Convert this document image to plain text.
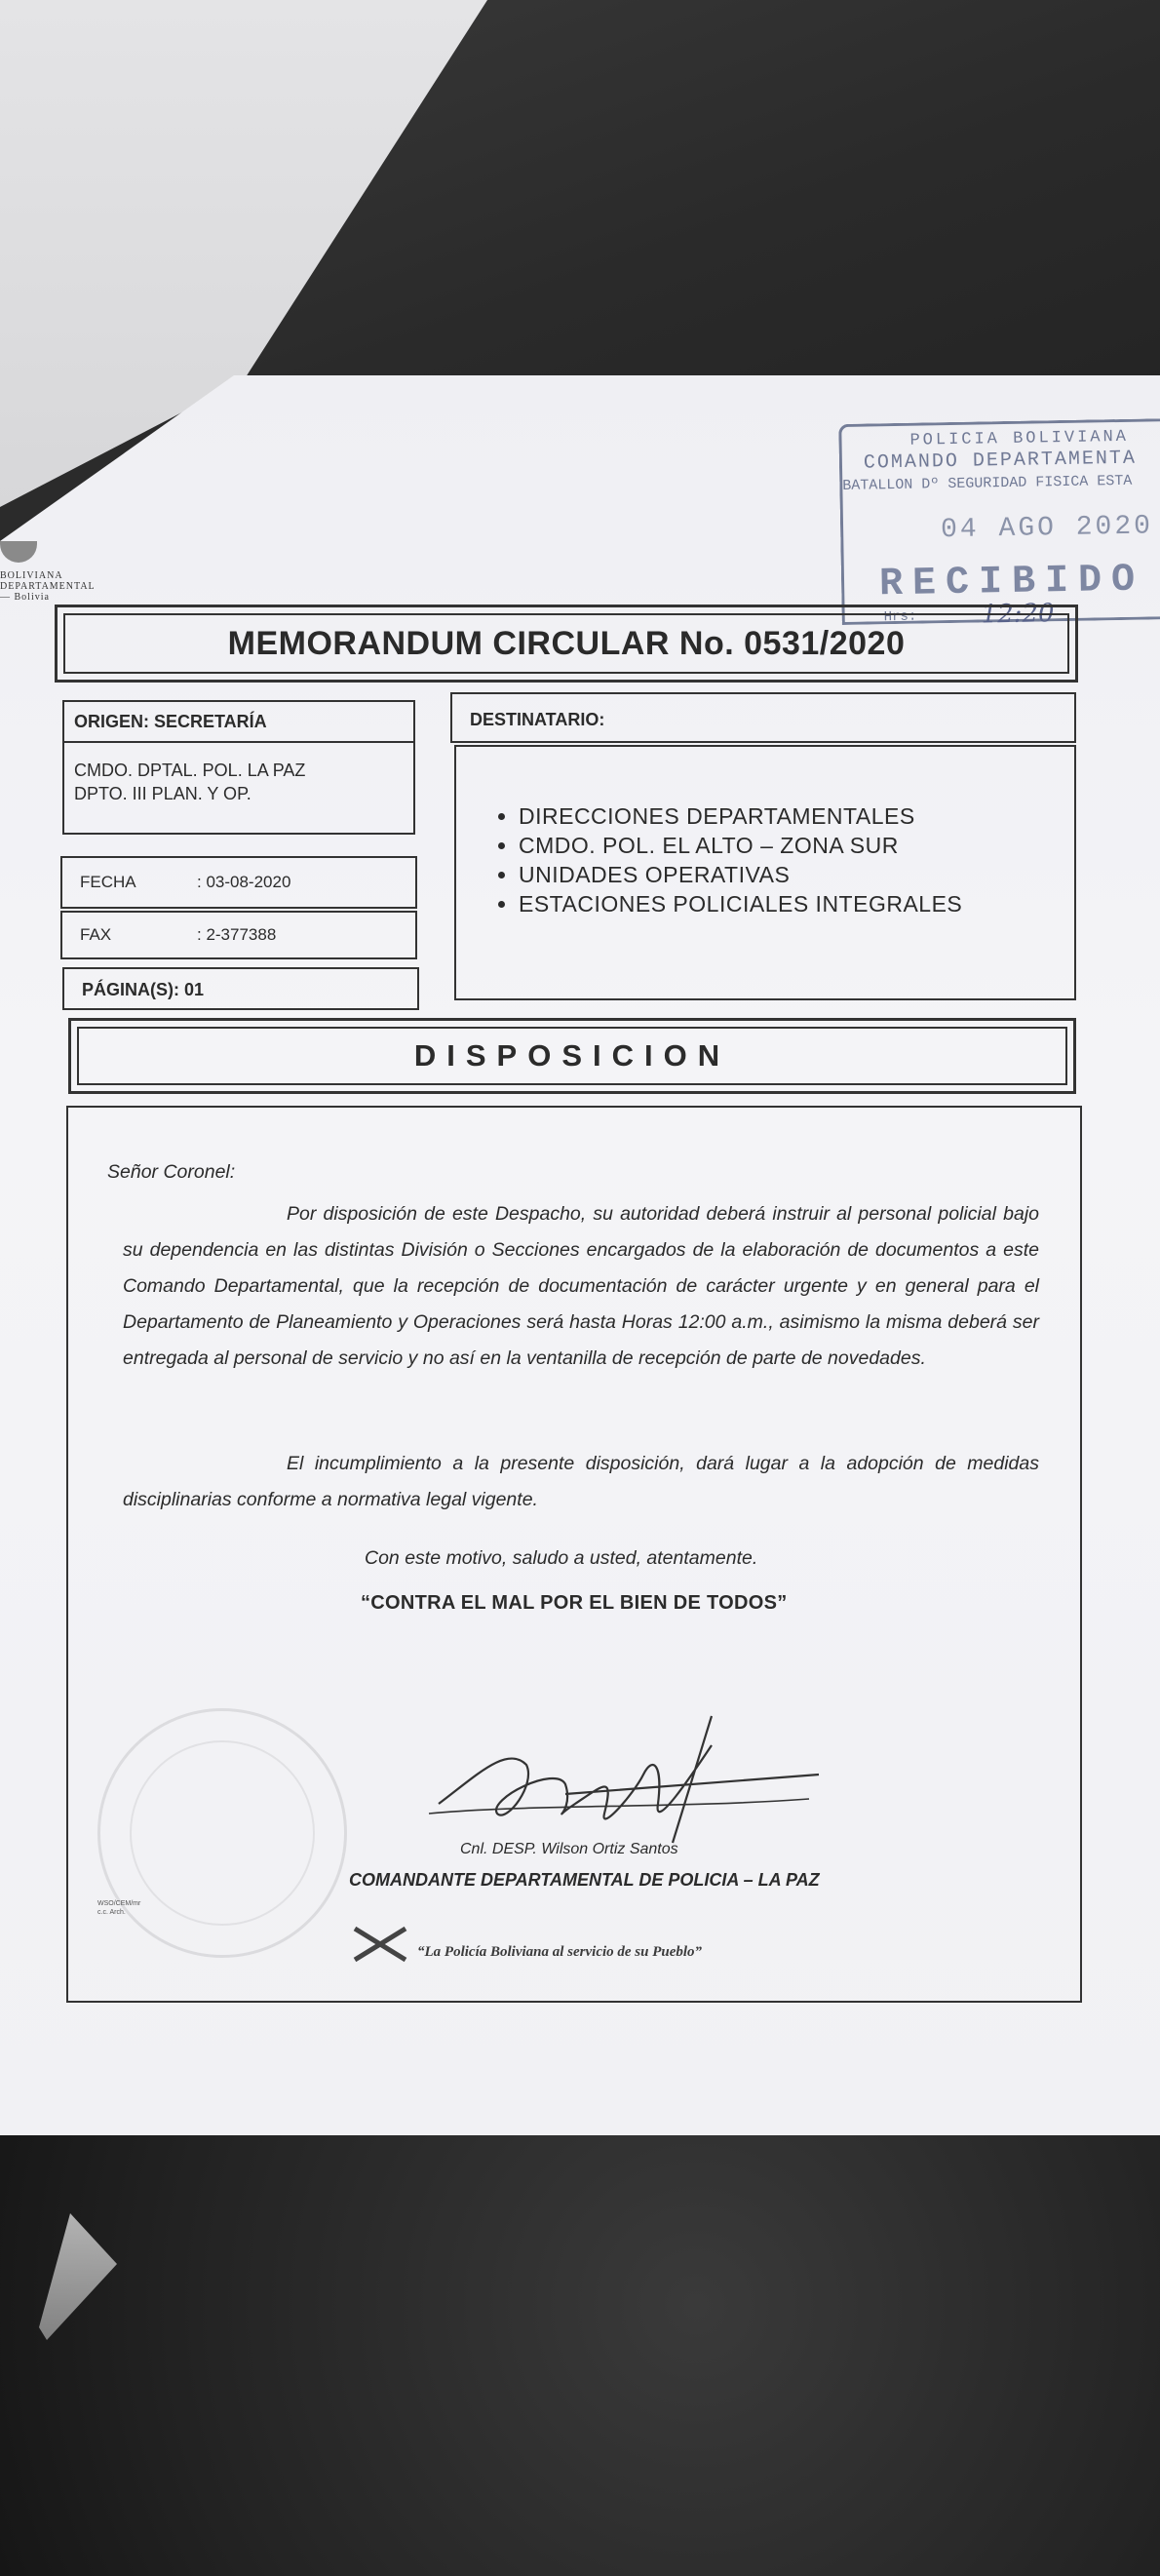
BOLIVIANA
DEPARTAMENTAL
— Bolivia
POLICIA BOLIVIANA
COMANDO DEPARTAMENTA
BATALLON Dº SEGURIDAD FISICA ESTA
04 AGO 2020
RECIBIDO
Hrs:	12:20
MEMORANDUM CIRCULAR No. 0531/2020
ORIGEN: SECRETARÍA
CMDO. DPTAL. POL. LA PAZ
DPTO. III PLAN. Y OP.
FECHA	: 03-08-2020
FAX	: 2-377388
PÁGINA(S): 01
DESTINATARIO:
• DIRECCIONES DEPARTAMENTALES
• CMDO. POL. EL ALTO – ZONA SUR
• UNIDADES OPERATIVAS
• ESTACIONES POLICIALES INTEGRALES
DISPOSICION
Señor Coronel:
Por disposición de este Despacho, su autoridad deberá instruir al personal policial bajo su dependencia en las distintas División o Secciones encargados de la elaboración de documentos a este Comando Departamental, que la recepción de documentación de carácter urgente y en general para el Departamento de Planeamiento y Operaciones será hasta Horas 12:00 a.m., asimismo la misma deberá ser entregada al personal de servicio y no así en la ventanilla de recepción de parte de novedades.
El incumplimiento a la presente disposición, dará lugar a la adopción de medidas disciplinarias conforme a normativa legal vigente.
Con este motivo, saludo a usted, atentamente.
“CONTRA EL MAL POR EL BIEN DE TODOS”
WSO/CEM/mr
c.c. Arch.
Cnl. DESP. Wilson Ortiz Santos
COMANDANTE DEPARTAMENTAL DE POLICIA – LA PAZ
“La Policía Boliviana al servicio de su Pueblo”
